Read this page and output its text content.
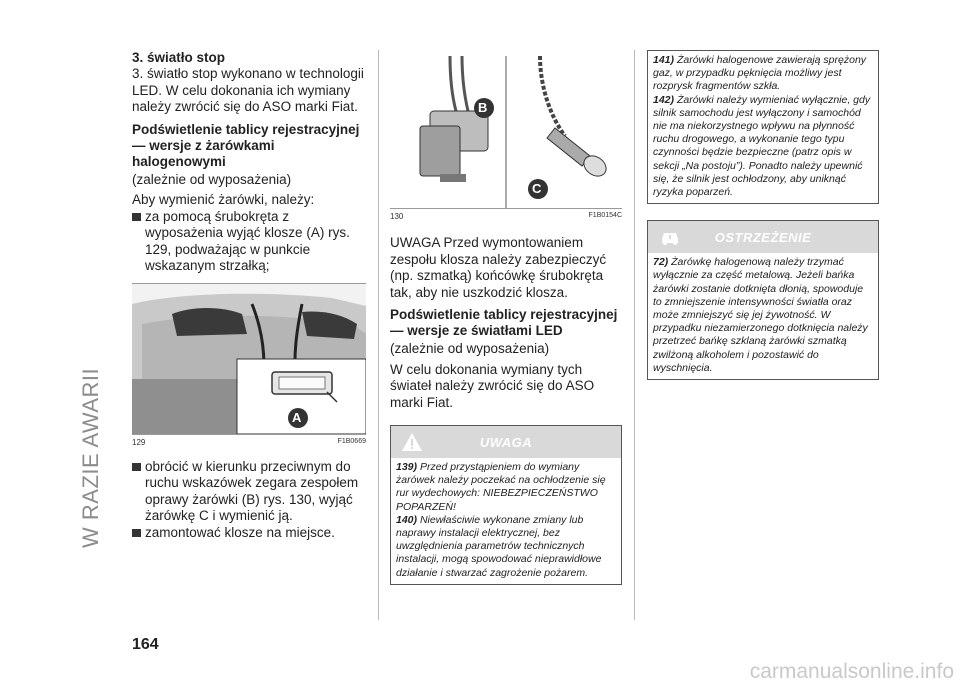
W RAZIE AWARII

3. światło stop

3. światło stop wykonano w technologii LED. W celu dokonania ich wymiany należy zwrócić się do ASO marki Fiat.

Podświetlenie tablicy rejestracyjnej — wersje z żarówkami halogenowymi

(zależnie od wyposażenia)

Aby wymienić żarówki, należy:

za pomocą śrubokręta z wyposażenia wyjąć klosze (A) rys. 129, podważając w punkcie wskazanym strzałką;
A
129	F1B0669
obrócić w kierunku przeciwnym do ruchu wskazówek zegara zespołem oprawy żarówki (B) rys. 130, wyjąć żarówkę C i wymienić ją.
zamontować klosze na miejsce.
B
C
130	F1B0154C

UWAGA Przed wymontowaniem zespołu klosza należy zabezpieczyć (np. szmatką) końcówkę śrubokręta tak, aby nie uszkodzić klosza.

Podświetlenie tablicy rejestracyjnej — wersje ze światłami LED

(zależnie od wyposażenia)

W celu dokonania wymiany tych świateł należy zwrócić się do ASO marki Fiat.

UWAGA

139) Przed przystąpieniem do wymiany żarówek należy poczekać na ochłodzenie się rur wydechowych: NIEBEZPIECZEŃSTWO POPARZEŃ!

140) Niewłaściwie wykonane zmiany lub naprawy instalacji elektrycznej, bez uwzględnienia parametrów technicznych instalacji, mogą spowodować nieprawidłowe działanie i stwarzać zagrożenie pożarem.

141) Żarówki halogenowe zawierają sprężony gaz, w przypadku pęknięcia możliwy jest rozprysk fragmentów szkła.

142) Żarówki należy wymieniać wyłącznie, gdy silnik samochodu jest wyłączony i samochód nie ma niekorzystnego wpływu na płynność ruchu drogowego, a wykonanie tego typu czynności będzie bezpieczne (patrz opis w sekcji „Na postoju”). Ponadto należy upewnić się, że silnik jest ochłodzony, aby uniknąć ryzyka poparzeń.

OSTRZEŻENIE

72) Żarówkę halogenową należy trzymać wyłącznie za część metalową. Jeżeli bańka żarówki zostanie dotknięta dłonią, spowoduje to zmniejszenie intensywności światła oraz może zmniejszyć się jej żywotność. W przypadku niezamierzonego dotknięcia należy przetrzeć bańkę szklaną żarówki szmatką zwilżoną alkoholem i pozostawić do wyschnięcia.

164
carmanualsonline.info
